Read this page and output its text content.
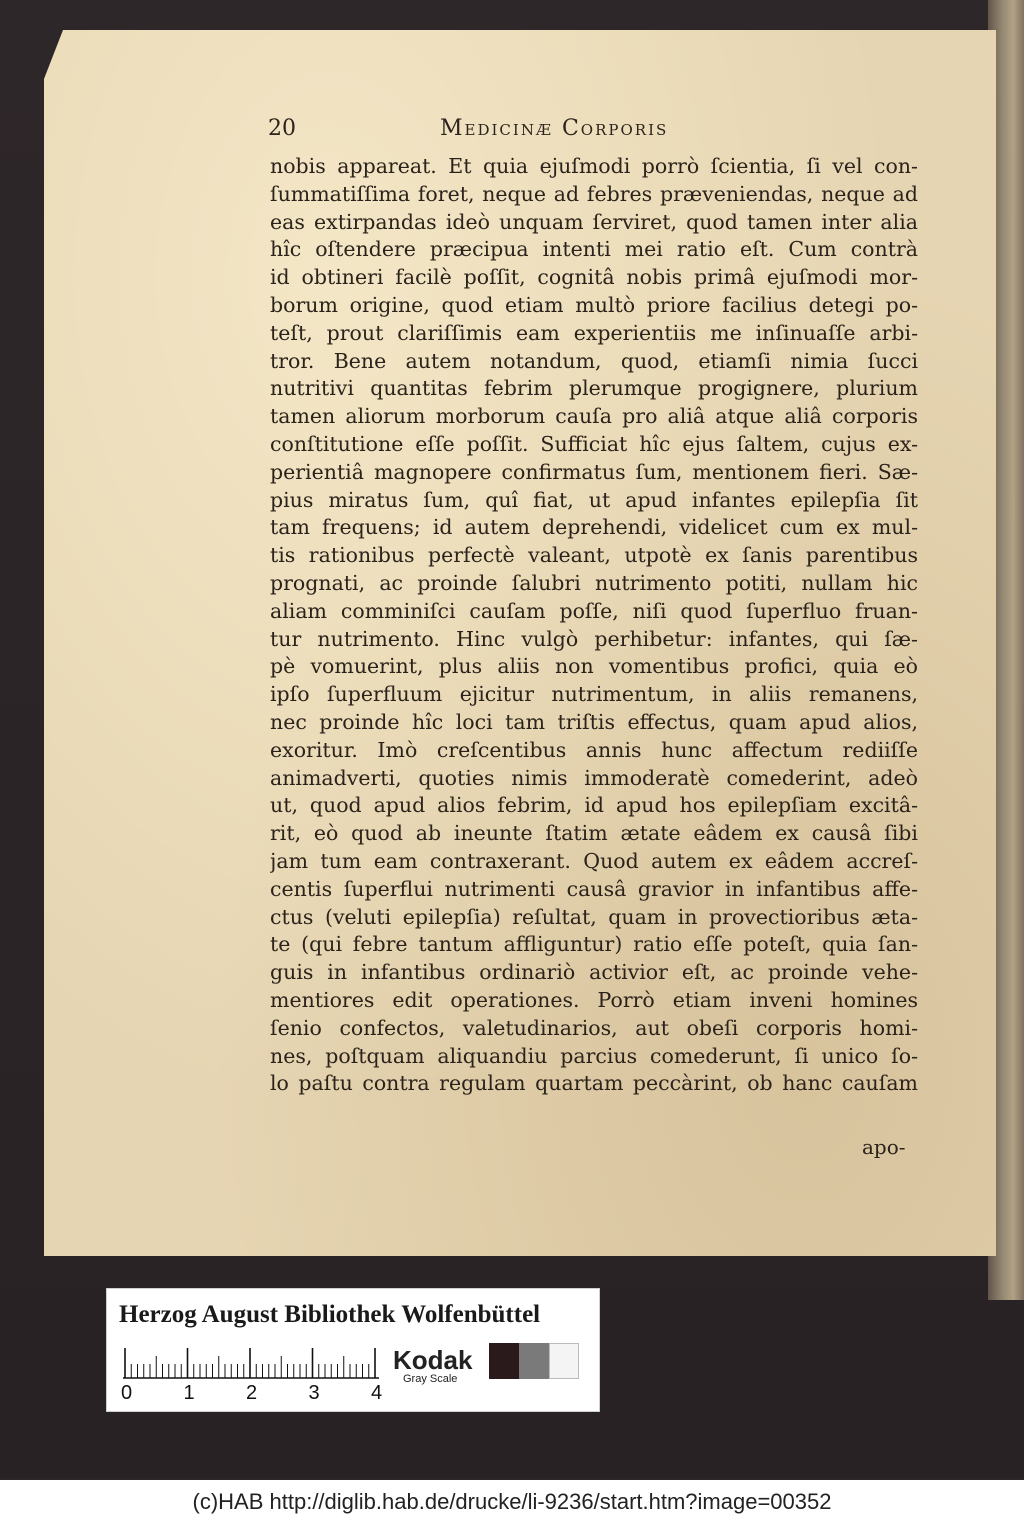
20	Medicinæ Corporis
nobis appareat. Et quia ejuſmodi porrò ſcientia, ſi vel con-
ſummatiſſima foret, neque ad febres præveniendas, neque ad
eas extirpandas ideò unquam ſerviret, quod tamen inter alia
hîc oſtendere præcipua intenti mei ratio eſt. Cum contrà
id obtineri facilè poſſit, cognitâ nobis primâ ejuſmodi mor-
borum origine, quod etiam multò priore facilius detegi po-
teſt, prout clariſſimis eam experientiis me inſinuaſſe arbi-
tror. Bene autem notandum, quod, etiamſi nimia ſucci
nutritivi quantitas febrim plerumque progignere, plurium
tamen aliorum morborum cauſa pro aliâ atque aliâ corporis
conſtitutione eſſe poſſit. Sufficiat hîc ejus ſaltem, cujus ex-
perientiâ magnopere confirmatus ſum, mentionem fieri. Sæ-
pius miratus ſum, quî fiat, ut apud infantes epilepſia ſit
tam frequens; id autem deprehendi, videlicet cum ex mul-
tis rationibus perfectè valeant, utpotè ex ſanis parentibus
prognati, ac proinde ſalubri nutrimento potiti, nullam hic
aliam comminiſci cauſam poſſe, niſi quod ſuperfluo fruan-
tur nutrimento. Hinc vulgò perhibetur: infantes, qui ſæ-
pè vomuerint, plus aliis non vomentibus profici, quia eò
ipſo ſuperfluum ejicitur nutrimentum, in aliis remanens,
nec proinde hîc loci tam triſtis effectus, quam apud alios,
exoritur. Imò creſcentibus annis hunc affectum rediiſſe
animadverti, quoties nimis immoderatè comederint, adeò
ut, quod apud alios febrim, id apud hos epilepſiam excitâ-
rit, eò quod ab ineunte ſtatim ætate eâdem ex causâ ſibi
jam tum eam contraxerant. Quod autem ex eâdem accreſ-
centis ſuperflui nutrimenti causâ gravior in infantibus affe-
ctus (veluti epilepſia) reſultat, quam in provectioribus æta-
te (qui febre tantum affliguntur) ratio eſſe poteſt, quia ſan-
guis in infantibus ordinariò activior eſt, ac proinde vehe-
mentiores edit operationes. Porrò etiam inveni homines
ſenio confectos, valetudinarios, aut obeſi corporis homi-
nes, poſtquam aliquandiu parcius comederunt, ſi unico ſo-
lo paſtu contra regulam quartam peccàrint, ob hanc cauſam
apo-
Herzog August Bibliothek Wolfenbüttel
0	1	2	3	4
Kodak
Gray Scale
(c)HAB http://diglib.hab.de/drucke/li-9236/start.htm?image=00352
